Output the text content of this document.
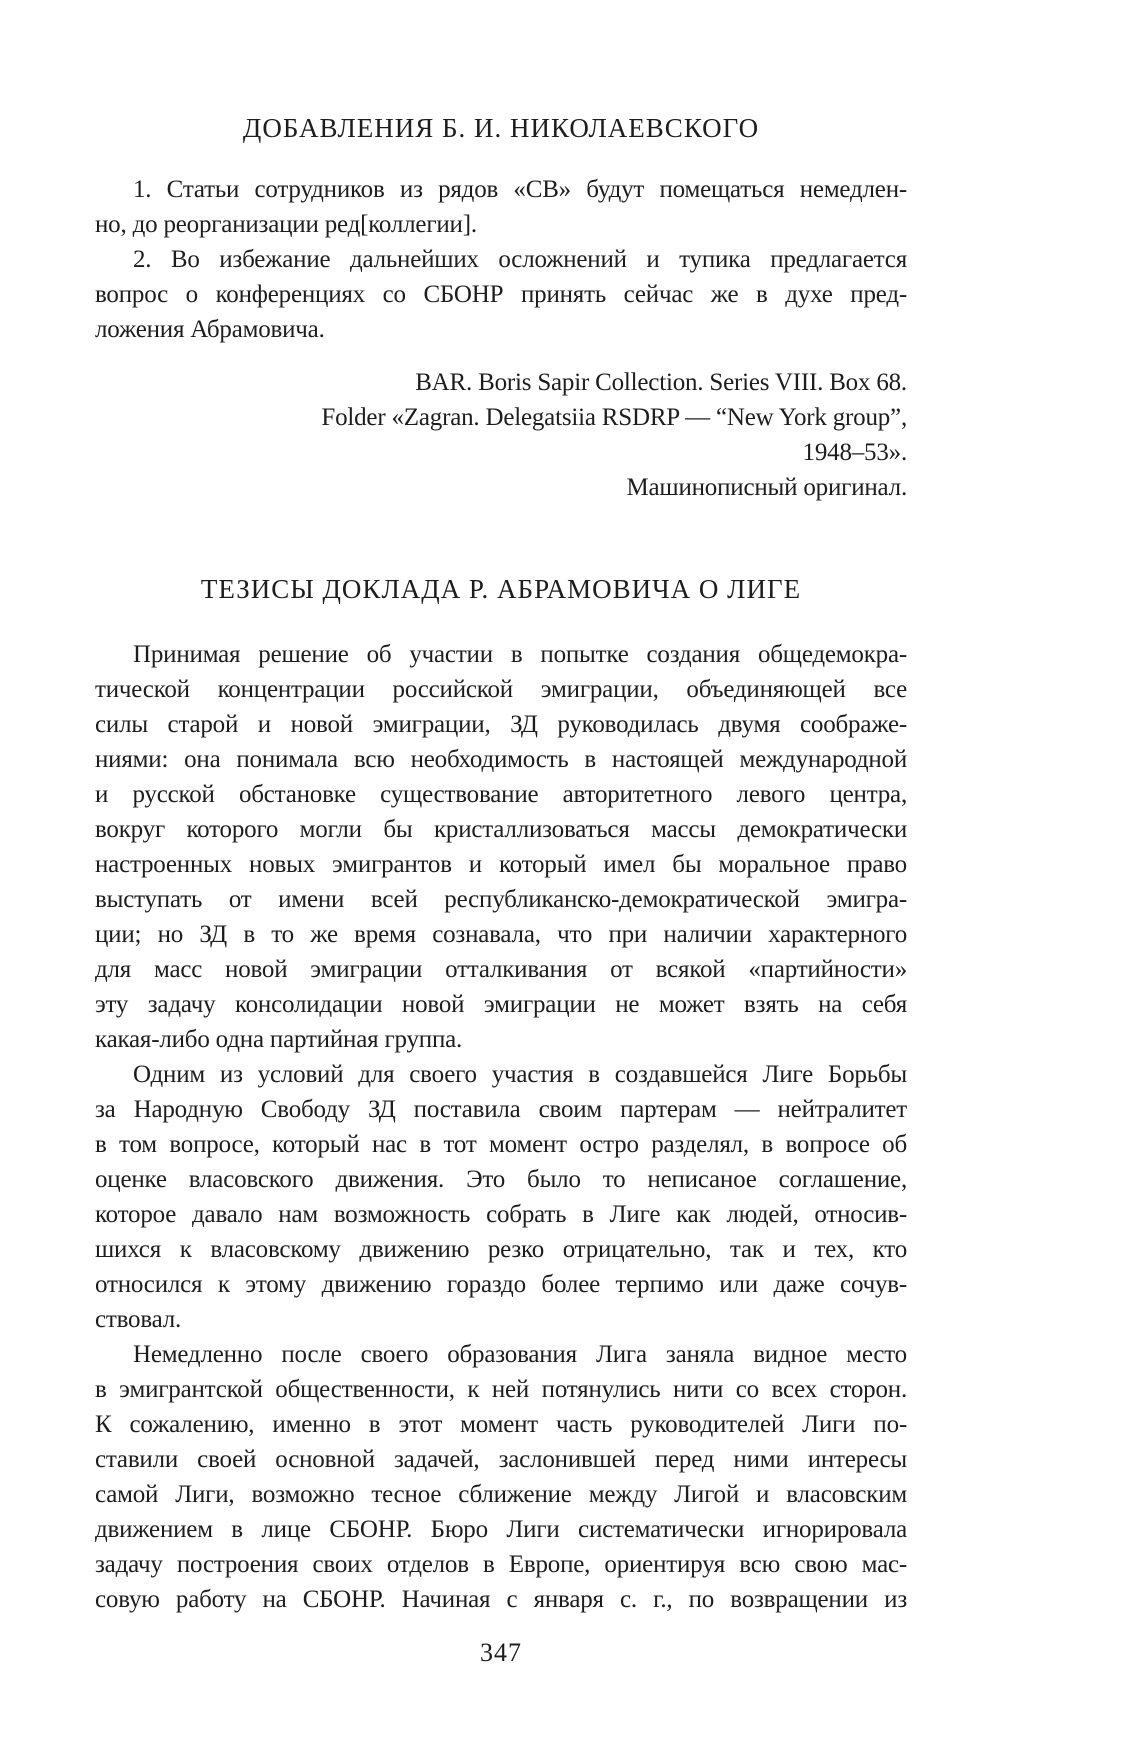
ДОБАВЛЕНИЯ Б. И. НИКОЛАЕВСКОГО
1. Статьи сотрудников из рядов «СВ» будут помещаться немедлен-
но, до реорганизации ред[коллегии].
2. Во избежание дальнейших осложнений и тупика предлагается
вопрос о конференциях со СБОНР принять сейчас же в духе пред-
ложения Абрамовича.
BAR. Boris Sapir Collection. Series VIII. Box 68.
Folder «Zagran. Delegatsiia RSDRP — “New York group”,
1948–53».
Машинописный оригинал.
ТЕЗИСЫ ДОКЛАДА Р. АБРАМОВИЧА О ЛИГЕ
Принимая решение об участии в попытке создания общедемокра-
тической концентрации российской эмиграции, объединяющей все
силы старой и новой эмиграции, ЗД руководилась двумя соображе-
ниями: она понимала всю необходимость в настоящей международной
и русской обстановке существование авторитетного левого центра,
вокруг которого могли бы кристаллизоваться массы демократически
настроенных новых эмигрантов и который имел бы моральное право
выступать от имени всей республиканско-демократической эмигра-
ции; но ЗД в то же время сознавала, что при наличии характерного
для масс новой эмиграции отталкивания от всякой «партийности»
эту задачу консолидации новой эмиграции не может взять на себя
какая-либо одна партийная группа.
Одним из условий для своего участия в создавшейся Лиге Борьбы
за Народную Свободу ЗД поставила своим партерам — нейтралитет
в том вопросе, который нас в тот момент остро разделял, в вопросе об
оценке власовского движения. Это было то неписаное соглашение,
которое давало нам возможность собрать в Лиге как людей, относив-
шихся к власовскому движению резко отрицательно, так и тех, кто
относился к этому движению гораздо более терпимо или даже сочув-
ствовал.
Немедленно после своего образования Лига заняла видное место
в эмигрантской общественности, к ней потянулись нити со всех сторон.
К сожалению, именно в этот момент часть руководителей Лиги по-
ставили своей основной задачей, заслонившей перед ними интересы
самой Лиги, возможно тесное сближение между Лигой и власовским
движением в лице СБОНР. Бюро Лиги систематически игнорировала
задачу построения своих отделов в Европе, ориентируя всю свою мас-
совую работу на СБОНР. Начиная с января с. г., по возвращении из
347
